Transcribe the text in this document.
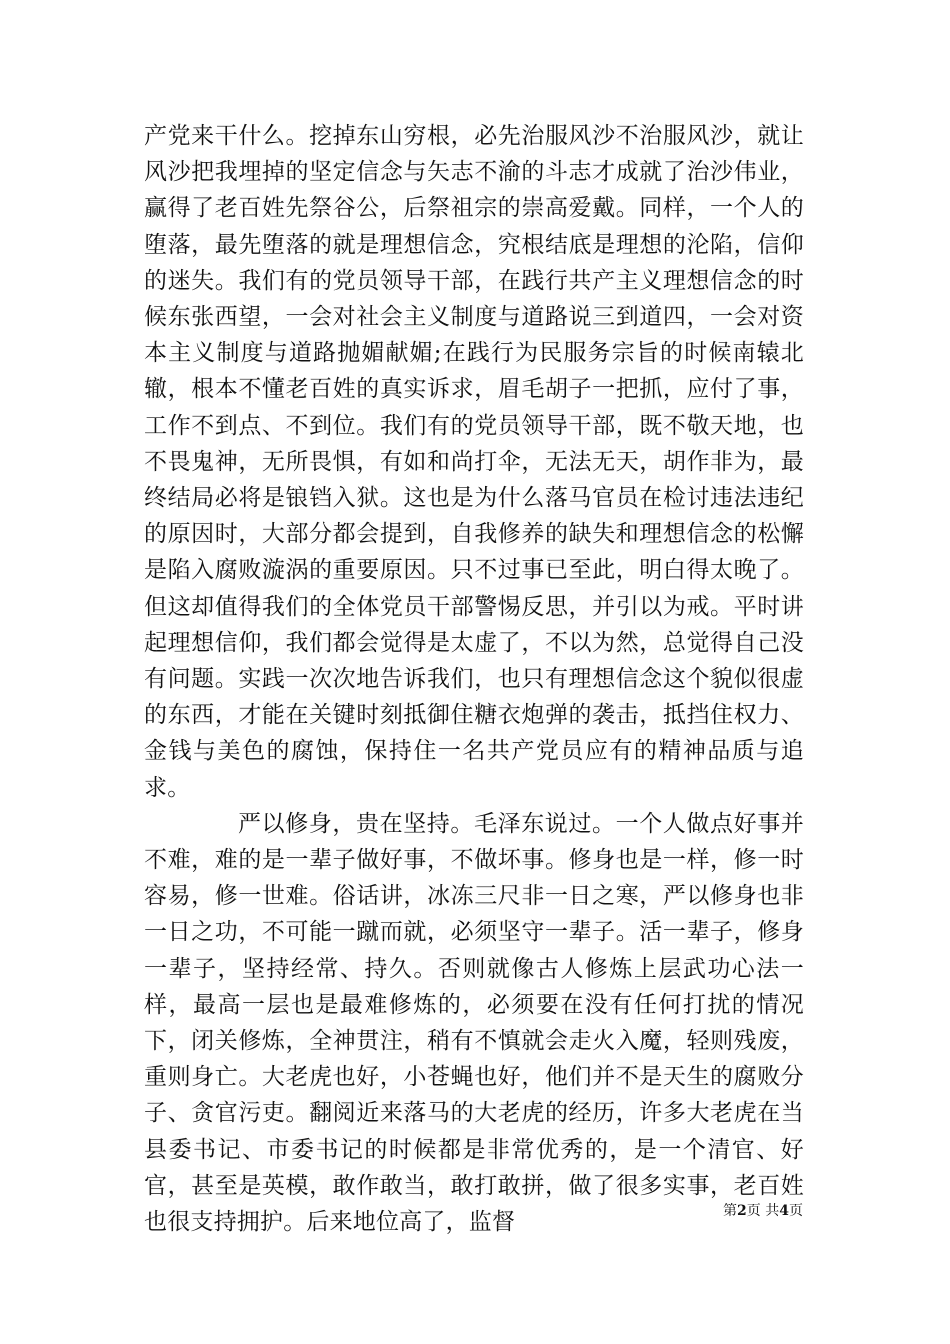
产党来干什么。挖掉东山穷根，必先治服风沙不治服风沙，就让风沙把我埋掉的坚定信念与矢志不渝的斗志才成就了治沙伟业，赢得了老百姓先祭谷公，后祭祖宗的崇高爱戴。同样，一个人的堕落，最先堕落的就是理想信念，究根结底是理想的沦陷，信仰的迷失。我们有的党员领导干部，在践行共产主义理想信念的时候东张西望，一会对社会主义制度与道路说三到道四，一会对资本主义制度与道路抛媚献媚;在践行为民服务宗旨的时候南辕北辙，根本不懂老百姓的真实诉求，眉毛胡子一把抓，应付了事，工作不到点、不到位。我们有的党员领导干部，既不敬天地，也不畏鬼神，无所畏惧，有如和尚打伞，无法无天，胡作非为，最终结局必将是锒铛入狱。这也是为什么落马官员在检讨违法违纪的原因时，大部分都会提到，自我修养的缺失和理想信念的松懈是陷入腐败漩涡的重要原因。只不过事已至此，明白得太晚了。但这却值得我们的全体党员干部警惕反思，并引以为戒。平时讲起理想信仰，我们都会觉得是太虚了，不以为然，总觉得自己没有问题。实践一次次地告诉我们，也只有理想信念这个貌似很虚的东西，才能在关键时刻抵御住糖衣炮弹的袭击，抵挡住权力、金钱与美色的腐蚀，保持住一名共产党员应有的精神品质与追求。

严以修身，贵在坚持。毛泽东说过。一个人做点好事并不难，难的是一辈子做好事，不做坏事。修身也是一样，修一时容易，修一世难。俗话讲，冰冻三尺非一日之寒，严以修身也非一日之功，不可能一蹴而就，必须坚守一辈子。活一辈子，修身一辈子，坚持经常、持久。否则就像古人修炼上层武功心法一样，最高一层也是最难修炼的，必须要在没有任何打扰的情况下，闭关修炼，全神贯注，稍有不慎就会走火入魔，轻则残废，重则身亡。大老虎也好，小苍蝇也好，他们并不是天生的腐败分子、贪官污吏。翻阅近来落马的大老虎的经历，许多大老虎在当县委书记、市委书记的时候都是非常优秀的，是一个清官、好官，甚至是英模，敢作敢当，敢打敢拼，做了很多实事，老百姓也很支持拥护。后来地位高了，监督	第2页 共4页
